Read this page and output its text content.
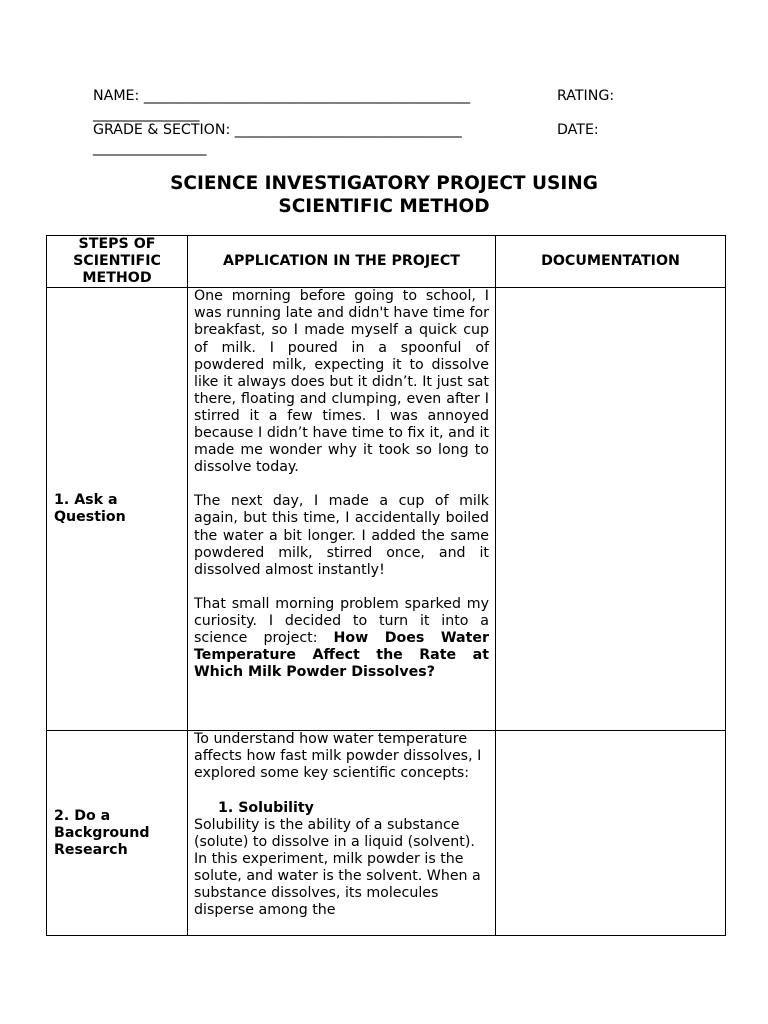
NAME: ______________________________________________	RATING:
_______________
GRADE & SECTION: ________________________________	DATE:
________________
SCIENCE INVESTIGATORY PROJECT USING
SCIENTIFIC METHOD
STEPS OF SCIENTIFIC METHOD	APPLICATION IN THE PROJECT	DOCUMENTATION
1. Ask a Question	One morning before going to school, I was running late and didn't have time for breakfast, so I made myself a quick cup of milk. I poured in a spoonful of powdered milk, expecting it to dissolve like it always does but it didn’t. It just sat there, floating and clumping, even after I stirred it a few times. I was annoyed because I didn’t have time to fix it, and it made me wonder why it took so long to dissolve today.

The next day, I made a cup of milk again, but this time, I accidentally boiled the water a bit longer. I added the same powdered milk, stirred once, and it dissolved almost instantly!

That small morning problem sparked my curiosity. I decided to turn it into a science project: How Does Water Temperature Affect the Rate at Which Milk Powder Dissolves?	

2. Do a Background Research	To understand how water temperature affects how fast milk powder dissolves, I explored some key scientific concepts:

1. Solubility

Solubility is the ability of a substance (solute) to dissolve in a liquid (solvent). In this experiment, milk powder is the solute, and water is the solvent. When a substance dissolves, its molecules disperse among the	
